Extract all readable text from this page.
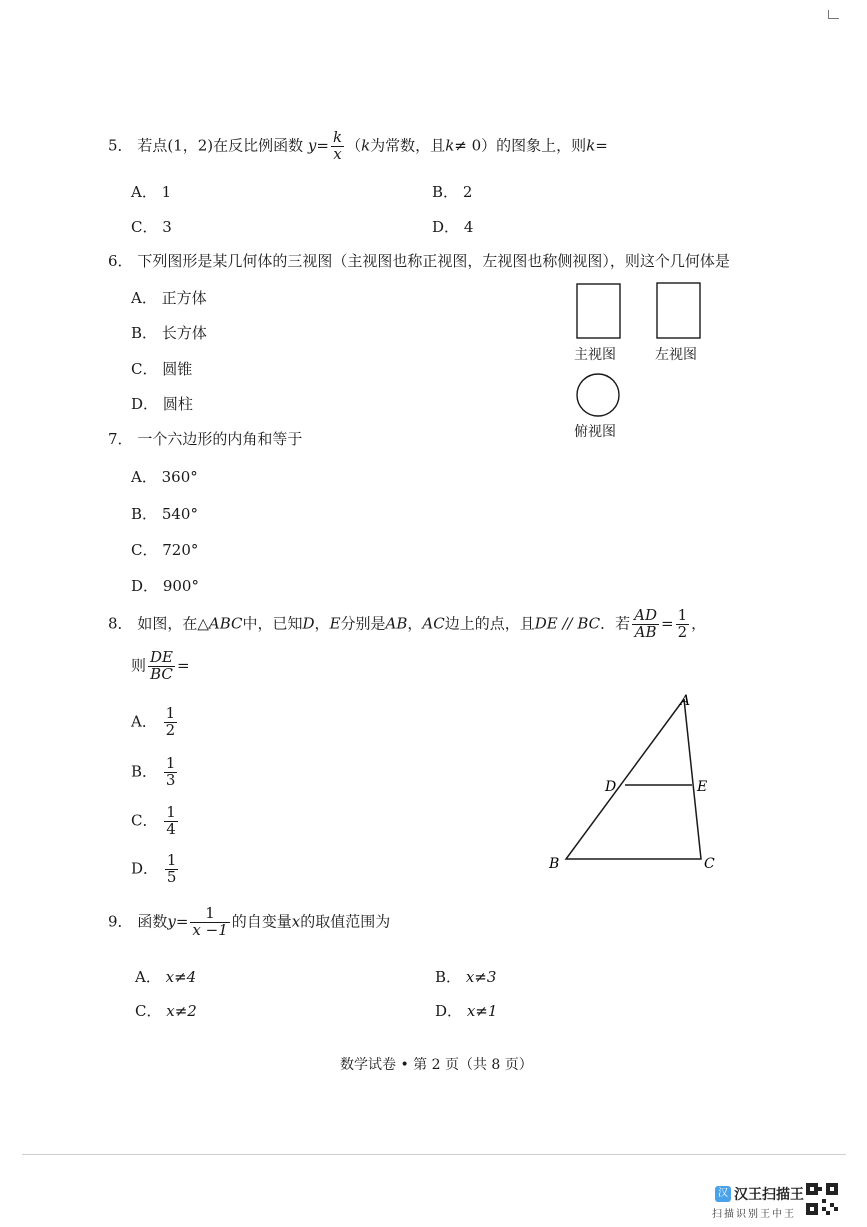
5． 若点(1，2)在反比例函数 $y= \frac{k}{x} (k$为常数，且k≠ 0）的图象上，则k=
A． 1	B． 2
C． 3	D． 4
6． 下列图形是某几何体的三视图（主视图也称正视图，左视图也称侧视图），则这个几何体是
A． 正方体
B． 长方体
C． 圆锥
D． 圆柱
主视图	左视图
俯视图
7． 一个六边形的内角和等于
A． 360°
B． 540°
C． 720°
D． 900°
8． 如图，在△ABC中，已知D，E分别是AB，AC边上的点，且DE // BC．若 $\frac{AD}{AB} = \frac{1}{2}$ ，
则 $\frac{DE}{BC}$ =
A． $\frac{1}{2}$
B． $\frac{1}{3}$
C． $\frac{1}{4}$
D． $\frac{1}{5}$
A
B	C
D	E
9． 函数$y= \frac{1}{x -1}$ 的自变量x的取值范围为
A． x≠4	B． x≠3
C． x≠2	D． x≠1
数学试卷 • 第 2 页（共 8 页）
汉 汉王扫描王
扫描识别王中王
